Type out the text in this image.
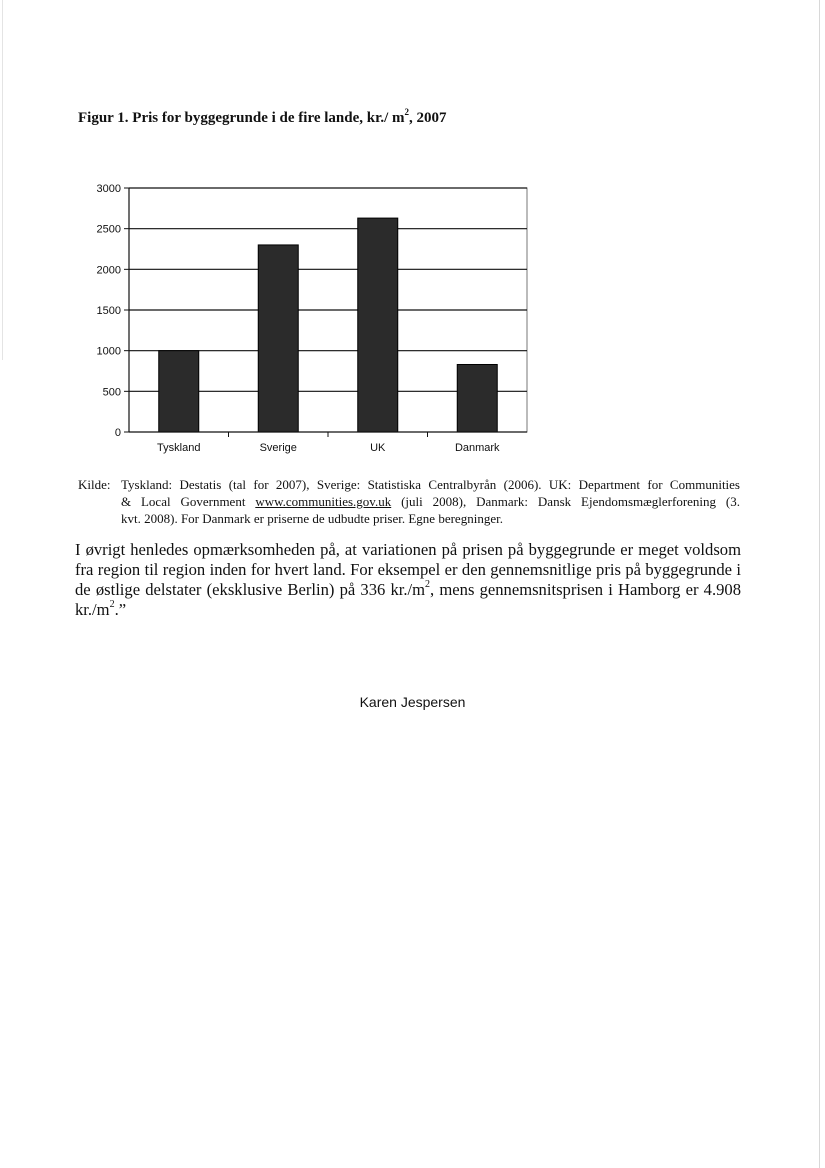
Figur 1. Pris for byggegrunde i de fire lande, kr./ $m^2$, 2007
0
500
1000
1500
2000
2500
3000
Tyskland	Sverige	UK	Danmark
Kilde: Tyskland: Destatis (tal for 2007), Sverige: Statistiska Centralbyrån (2006). UK: Department for Communities
& Local Government www.communities.gov.uk (juli 2008), Danmark: Dansk Ejendomsmæglerforening (3.
kvt. 2008). For Danmark er priserne de udbudte priser. Egne beregninger.
I øvrigt henledes opmærksomheden på, at variationen på prisen på byggegrunde er meget voldsom
fra region til region inden for hvert land. For eksempel er den gennemsnitlige pris på byggegrunde i
de østlige delstater (eksklusive Berlin) på 336 $kr./m^2$, mens gennemsnitsprisen i Hamborg er 4.908
$kr./m^2$.”
Karen Jespersen
